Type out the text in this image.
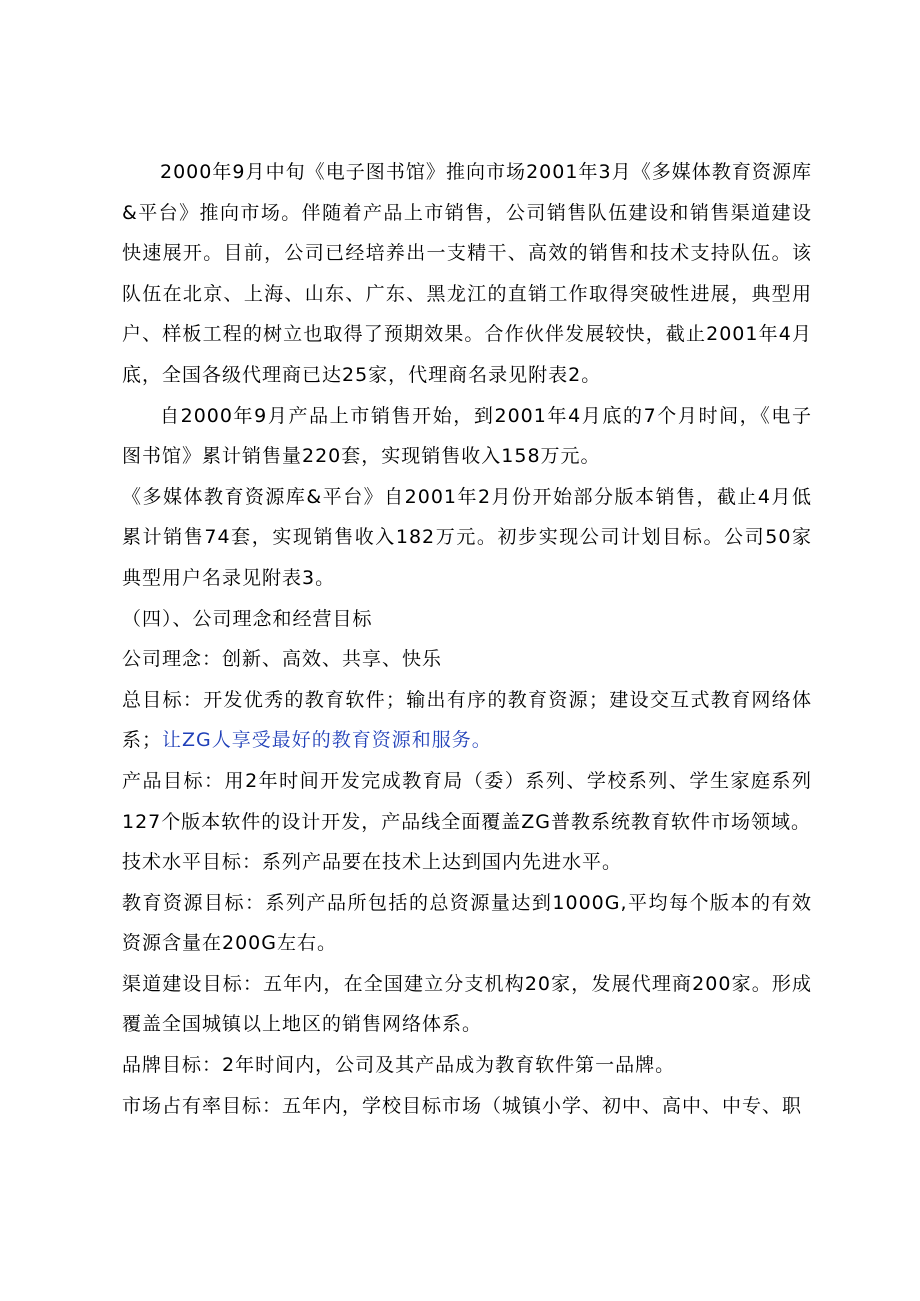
2000年9月中旬《电子图书馆》推向市场2001年3月《多媒体教育资源库&平台》推向市场。伴随着产品上市销售，公司销售队伍建设和销售渠道建设快速展开。目前，公司已经培养出一支精干、高效的销售和技术支持队伍。该队伍在北京、上海、山东、广东、黑龙江的直销工作取得突破性进展，典型用户、样板工程的树立也取得了预期效果。合作伙伴发展较快，截止2001年4月底，全国各级代理商已达25家，代理商名录见附表2。

自2000年9月产品上市销售开始，到2001年4月底的7个月时间，《电子图书馆》累计销售量220套，实现销售收入158万元。

《多媒体教育资源库&平台》自2001年2月份开始部分版本销售，截止4月低累计销售74套，实现销售收入182万元。初步实现公司计划目标。公司50家典型用户名录见附表3。

（四）、公司理念和经营目标

公司理念：创新、高效、共享、快乐

总目标：开发优秀的教育软件；输出有序的教育资源；建设交互式教育网络体系；让ZG人享受最好的教育资源和服务。

产品目标：用2年时间开发完成教育局（委）系列、学校系列、学生家庭系列127个版本软件的设计开发，产品线全面覆盖ZG普教系统教育软件市场领域。

技术水平目标：系列产品要在技术上达到国内先进水平。

教育资源目标：系列产品所包括的总资源量达到1000G,平均每个版本的有效资源含量在200G左右。

渠道建设目标：五年内，在全国建立分支机构20家，发展代理商200家。形成覆盖全国城镇以上地区的销售网络体系。

品牌目标：2年时间内，公司及其产品成为教育软件第一品牌。

市场占有率目标：五年内，学校目标市场（城镇小学、初中、高中、中专、职
